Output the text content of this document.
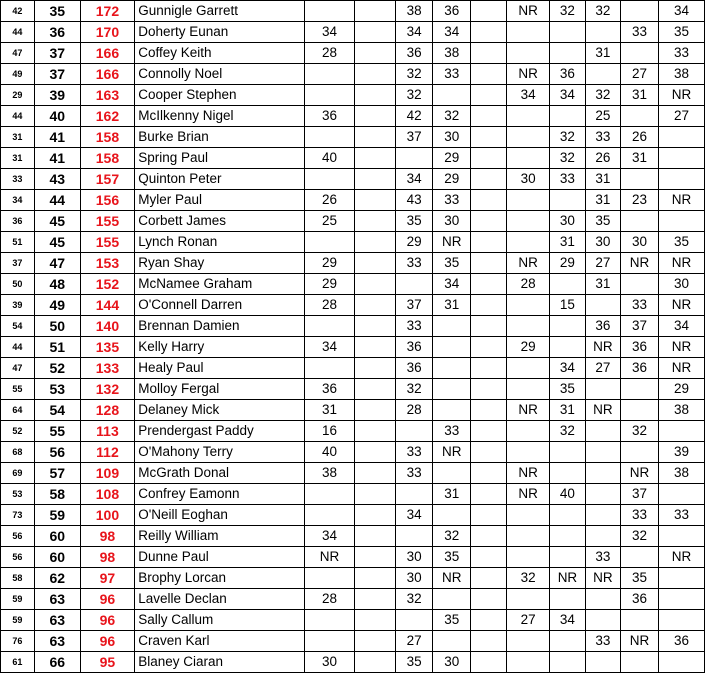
42	35	172	Gunnigle Garrett			38	36		NR	32	32		34
44	36	170	Doherty Eunan	34		34	34					33	35
47	37	166	Coffey Keith	28		36	38				31		33
49	37	166	Connolly Noel			32	33		NR	36		27	38
29	39	163	Cooper Stephen			32			34	34	32	31	NR
44	40	162	McIlkenny Nigel	36		42	32				25		27
31	41	158	Burke Brian			37	30			32	33	26	
31	41	158	Spring Paul	40			29			32	26	31	
33	43	157	Quinton Peter			34	29		30	33	31		
34	44	156	Myler Paul	26		43	33				31	23	NR
36	45	155	Corbett James	25		35	30			30	35		
51	45	155	Lynch Ronan			29	NR			31	30	30	35
37	47	153	Ryan Shay	29		33	35		NR	29	27	NR	NR
50	48	152	McNamee Graham	29			34		28		31		30
39	49	144	O'Connell Darren	28		37	31			15		33	NR
54	50	140	Brennan Damien			33					36	37	34
44	51	135	Kelly Harry	34		36			29		NR	36	NR
47	52	133	Healy Paul			36				34	27	36	NR
55	53	132	Molloy Fergal	36		32				35			29
64	54	128	Delaney Mick	31		28			NR	31	NR		38
52	55	113	Prendergast Paddy	16			33			32		32	
68	56	112	O'Mahony Terry	40		33	NR						39
69	57	109	McGrath Donal	38		33			NR			NR	38
53	58	108	Confrey Eamonn				31		NR	40		37	
73	59	100	O'Neill Eoghan			34						33	33
56	60	98	Reilly William	34			32					32	
56	60	98	Dunne Paul	NR		30	35				33		NR
58	62	97	Brophy Lorcan			30	NR		32	NR	NR	35	
59	63	96	Lavelle Declan	28		32						36	
59	63	96	Sally Callum				35		27	34			
76	63	96	Craven Karl			27					33	NR	36
61	66	95	Blaney Ciaran	30		35	30						
